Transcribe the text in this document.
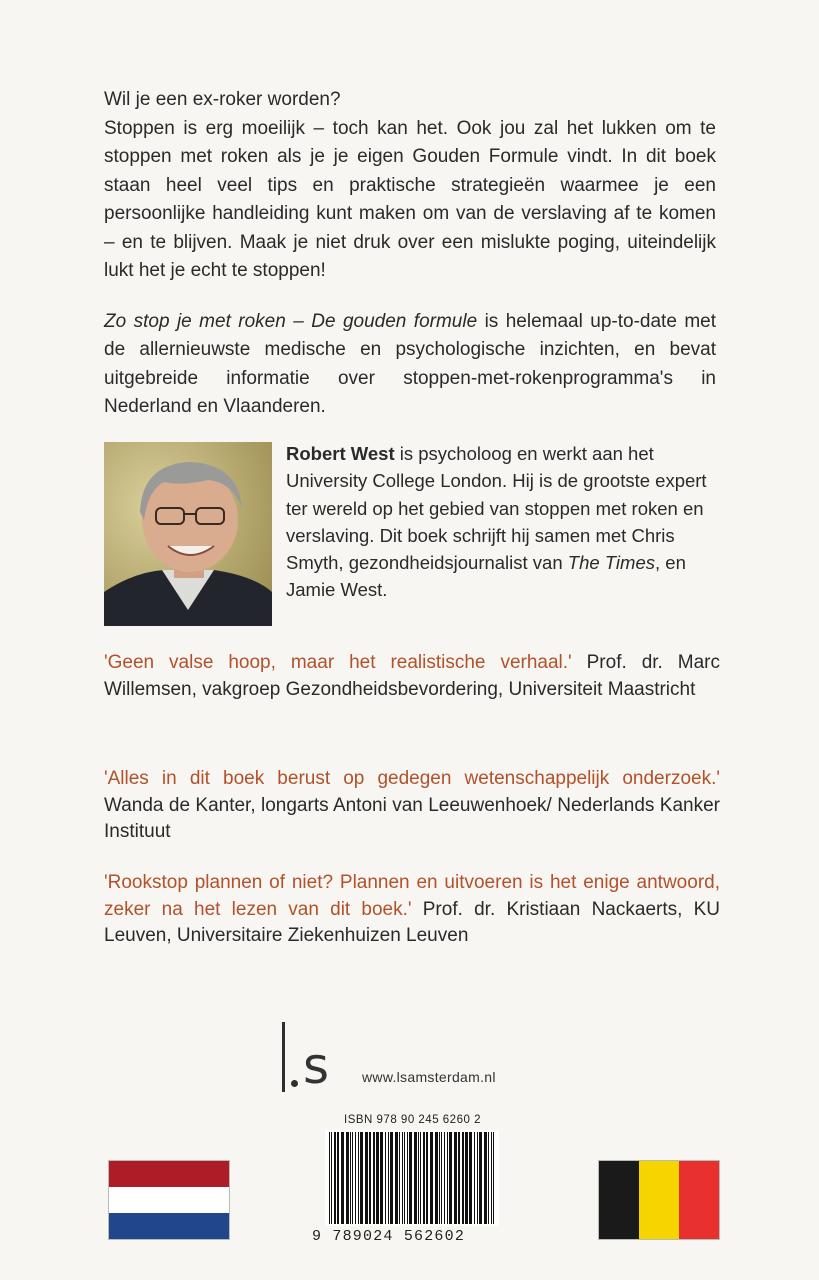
Wil je een ex-roker worden?

Stoppen is erg moeilijk – toch kan het. Ook jou zal het lukken om te stoppen met roken als je je eigen Gouden Formule vindt. In dit boek staan heel veel tips en praktische strategieën waarmee je een persoonlijke handleiding kunt maken om van de verslaving af te komen – en te blijven. Maak je niet druk over een mislukte poging, uiteindelijk lukt het je echt te stoppen!

Zo stop je met roken – De gouden formule is helemaal up-to-date met de allernieuwste medische en psychologische inzichten, en bevat uitgebreide informatie over stoppen-met-rokenprogramma's in Nederland en Vlaanderen.

Robert West is psycholoog en werkt aan het University College London. Hij is de grootste expert ter wereld op het gebied van stoppen met roken en verslaving. Dit boek schrijft hij samen met Chris Smyth, gezondheidsjournalist van The Times, en Jamie West.

'Geen valse hoop, maar het realistische verhaal.' Prof. dr. Marc Willemsen, vakgroep Gezondheidsbevordering, Universiteit Maastricht
'Alles in dit boek berust op gedegen wetenschappelijk onderzoek.' Wanda de Kanter, longarts Antoni van Leeuwenhoek/ Nederlands Kanker Instituut
'Rookstop plannen of niet? Plannen en uitvoeren is het enige antwoord, zeker na het lezen van dit boek.' Prof. dr. Kristiaan Nackaerts, KU Leuven, Universitaire Ziekenhuizen Leuven
s www.lsamsterdam.nl
ISBN 978 90 245 6260 2
9 789024 562602
